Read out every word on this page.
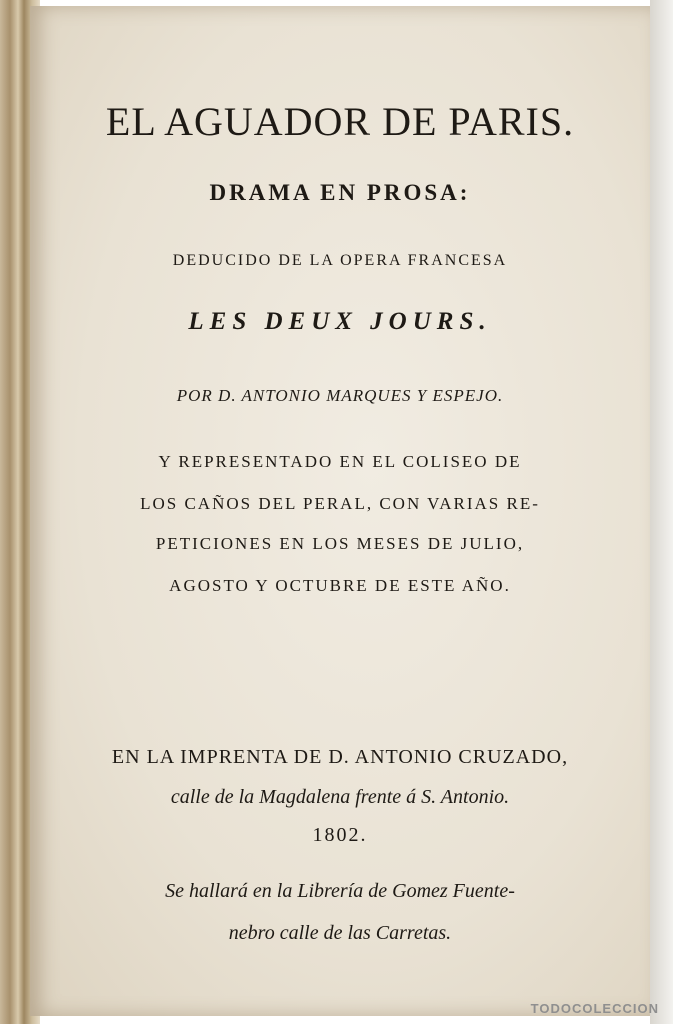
EL AGUADOR DE PARIS.

DRAMA EN PROSA:

DEDUCIDO DE LA OPERA FRANCESA

LES DEUX JOURS.

POR D. ANTONIO MARQUES Y ESPEJO.

Y REPRESENTADO EN EL COLISEO DE

LOS CAÑOS DEL PERAL, CON VARIAS RE-

PETICIONES EN LOS MESES DE JULIO,

AGOSTO Y OCTUBRE DE ESTE AÑO.

EN LA IMPRENTA DE D. ANTONIO CRUZADO,

calle de la Magdalena frente á S. Antonio.

1802.

Se hallará en la Librería de Gomez Fuente-

nebro calle de las Carretas.

TODOCOLECCION
